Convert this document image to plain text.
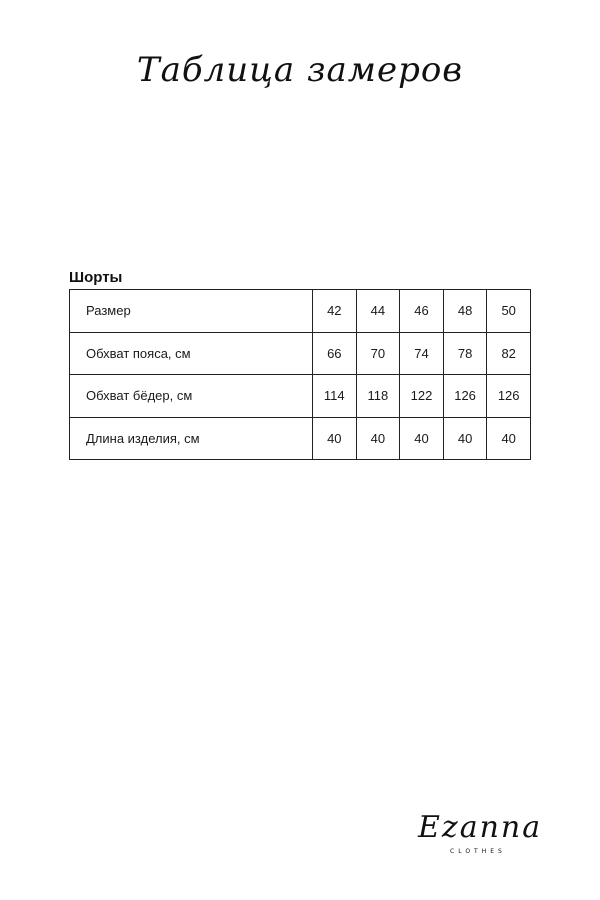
Таблица замеров
Шорты
Размер	42	44	46	48	50
Обхват пояса, см	66	70	74	78	82
Обхват бёдер, см	114	118	122	126	126
Длина изделия, см	40	40	40	40	40
Ezanna
CLOTHES
